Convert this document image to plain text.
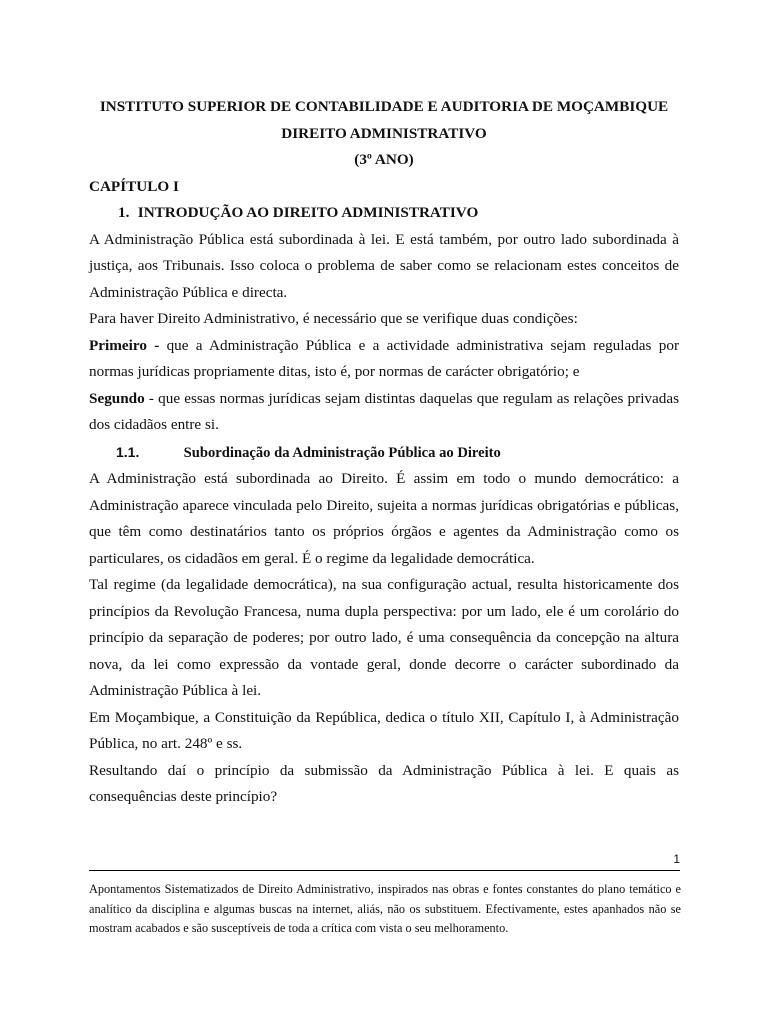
INSTITUTO SUPERIOR DE CONTABILIDADE E AUDITORIA DE MOÇAMBIQUE
DIREITO ADMINISTRATIVO
(3º ANO)
CAPÍTULO I
1. INTRODUÇÃO AO DIREITO ADMINISTRATIVO

A Administração Pública está subordinada à lei. E está também, por outro lado subordinada à justiça, aos Tribunais. Isso coloca o problema de saber como se relacionam estes conceitos de Administração Pública e directa.

Para haver Direito Administrativo, é necessário que se verifique duas condições:

Primeiro - que a Administração Pública e a actividade administrativa sejam reguladas por normas jurídicas propriamente ditas, isto é, por normas de carácter obrigatório; e

Segundo - que essas normas jurídicas sejam distintas daquelas que regulam as relações privadas dos cidadãos entre si.

1.1.	Subordinação da Administração Pública ao Direito

A Administração está subordinada ao Direito. É assim em todo o mundo democrático: a Administração aparece vinculada pelo Direito, sujeita a normas jurídicas obrigatórias e públicas, que têm como destinatários tanto os próprios órgãos e agentes da Administração como os particulares, os cidadãos em geral. É o regime da legalidade democrática.

Tal regime (da legalidade democrática), na sua configuração actual, resulta historicamente dos princípios da Revolução Francesa, numa dupla perspectiva: por um lado, ele é um corolário do princípio da separação de poderes; por outro lado, é uma consequência da concepção na altura nova, da lei como expressão da vontade geral, donde decorre o carácter subordinado da Administração Pública à lei.

Em Moçambique, a Constituição da República, dedica o título XII, Capítulo I, à Administração Pública, no art. 248º e ss.

Resultando daí o princípio da submissão da Administração Pública à lei. E quais as consequências deste princípio?

1
Apontamentos Sistematizados de Direito Administrativo, inspirados nas obras e fontes constantes do plano temático e analítico da disciplina e algumas buscas na internet, aliás, não os substituem. Efectivamente, estes apanhados não se mostram acabados e são susceptíveis de toda a crítica com vista o seu melhoramento.
